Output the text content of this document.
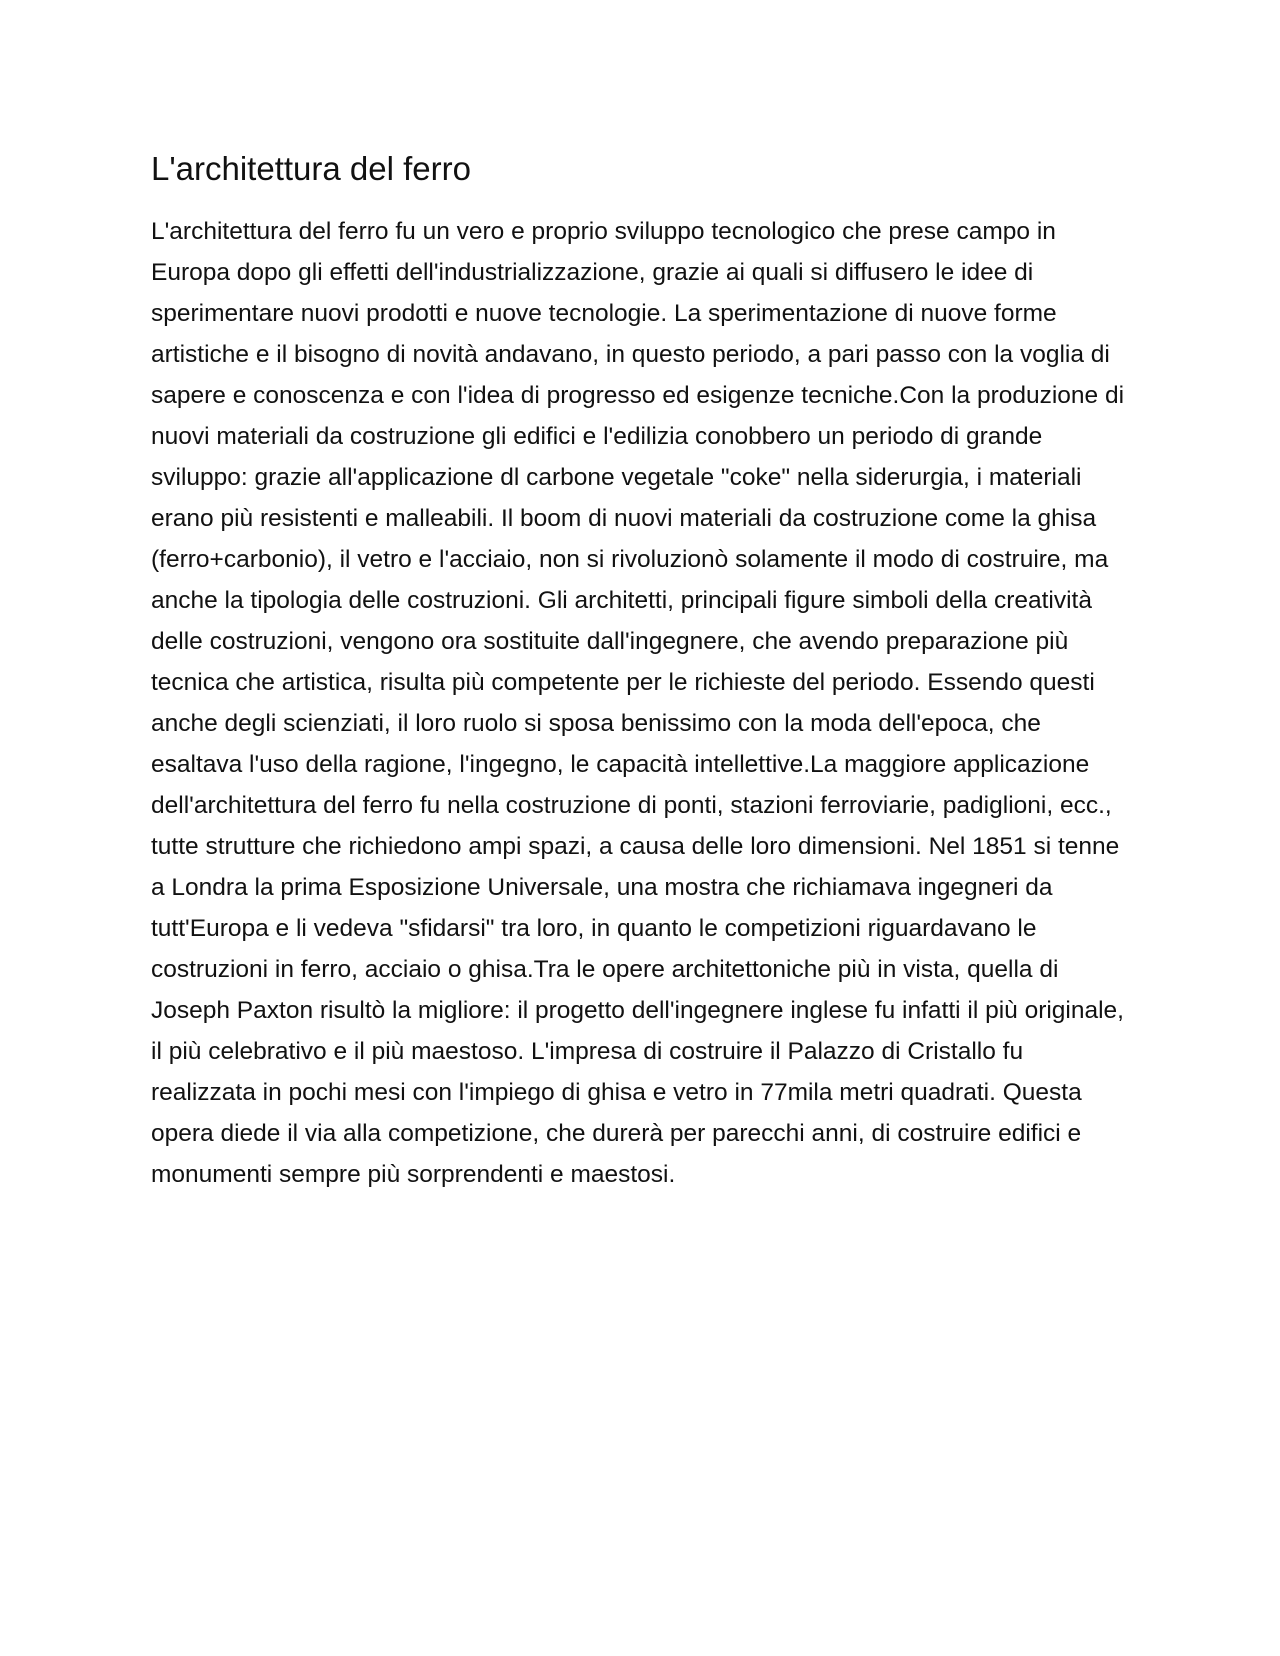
L'architettura del ferro

L'architettura del ferro fu un vero e proprio sviluppo tecnologico che prese campo in Europa dopo gli effetti dell'industrializzazione, grazie ai quali si diffusero le idee di sperimentare nuovi prodotti e nuove tecnologie. La sperimentazione di nuove forme artistiche e il bisogno di novità andavano, in questo periodo, a pari passo con la voglia di sapere e conoscenza e con l'idea di progresso ed esigenze tecniche.Con la produzione di nuovi materiali da costruzione gli edifici e l'edilizia conobbero un periodo di grande sviluppo: grazie all'applicazione dl carbone vegetale "coke" nella siderurgia, i materiali erano più resistenti e malleabili. Il boom di nuovi materiali da costruzione come la ghisa (ferro+carbonio), il vetro e l'acciaio, non si rivoluzionò solamente il modo di costruire, ma anche la tipologia delle costruzioni. Gli architetti, principali figure simboli della creatività delle costruzioni, vengono ora sostituite dall'ingegnere, che avendo preparazione più tecnica che artistica, risulta più competente per le richieste del periodo. Essendo questi anche degli scienziati, il loro ruolo si sposa benissimo con la moda dell'epoca, che esaltava l'uso della ragione, l'ingegno, le capacità intellettive.La maggiore applicazione dell'architettura del ferro fu nella costruzione di ponti, stazioni ferroviarie, padiglioni, ecc., tutte strutture che richiedono ampi spazi, a causa delle loro dimensioni. Nel 1851 si tenne a Londra la prima Esposizione Universale, una mostra che richiamava ingegneri da tutt'Europa e li vedeva "sfidarsi" tra loro, in quanto le competizioni riguardavano le costruzioni in ferro, acciaio o ghisa.Tra le opere architettoniche più in vista, quella di Joseph Paxton risultò la migliore: il progetto dell'ingegnere inglese fu infatti il più originale, il più celebrativo e il più maestoso. L'impresa di costruire il Palazzo di Cristallo fu realizzata in pochi mesi con l'impiego di ghisa e vetro in 77mila metri quadrati. Questa opera diede il via alla competizione, che durerà per parecchi anni, di costruire edifici e monumenti sempre più sorprendenti e maestosi.
